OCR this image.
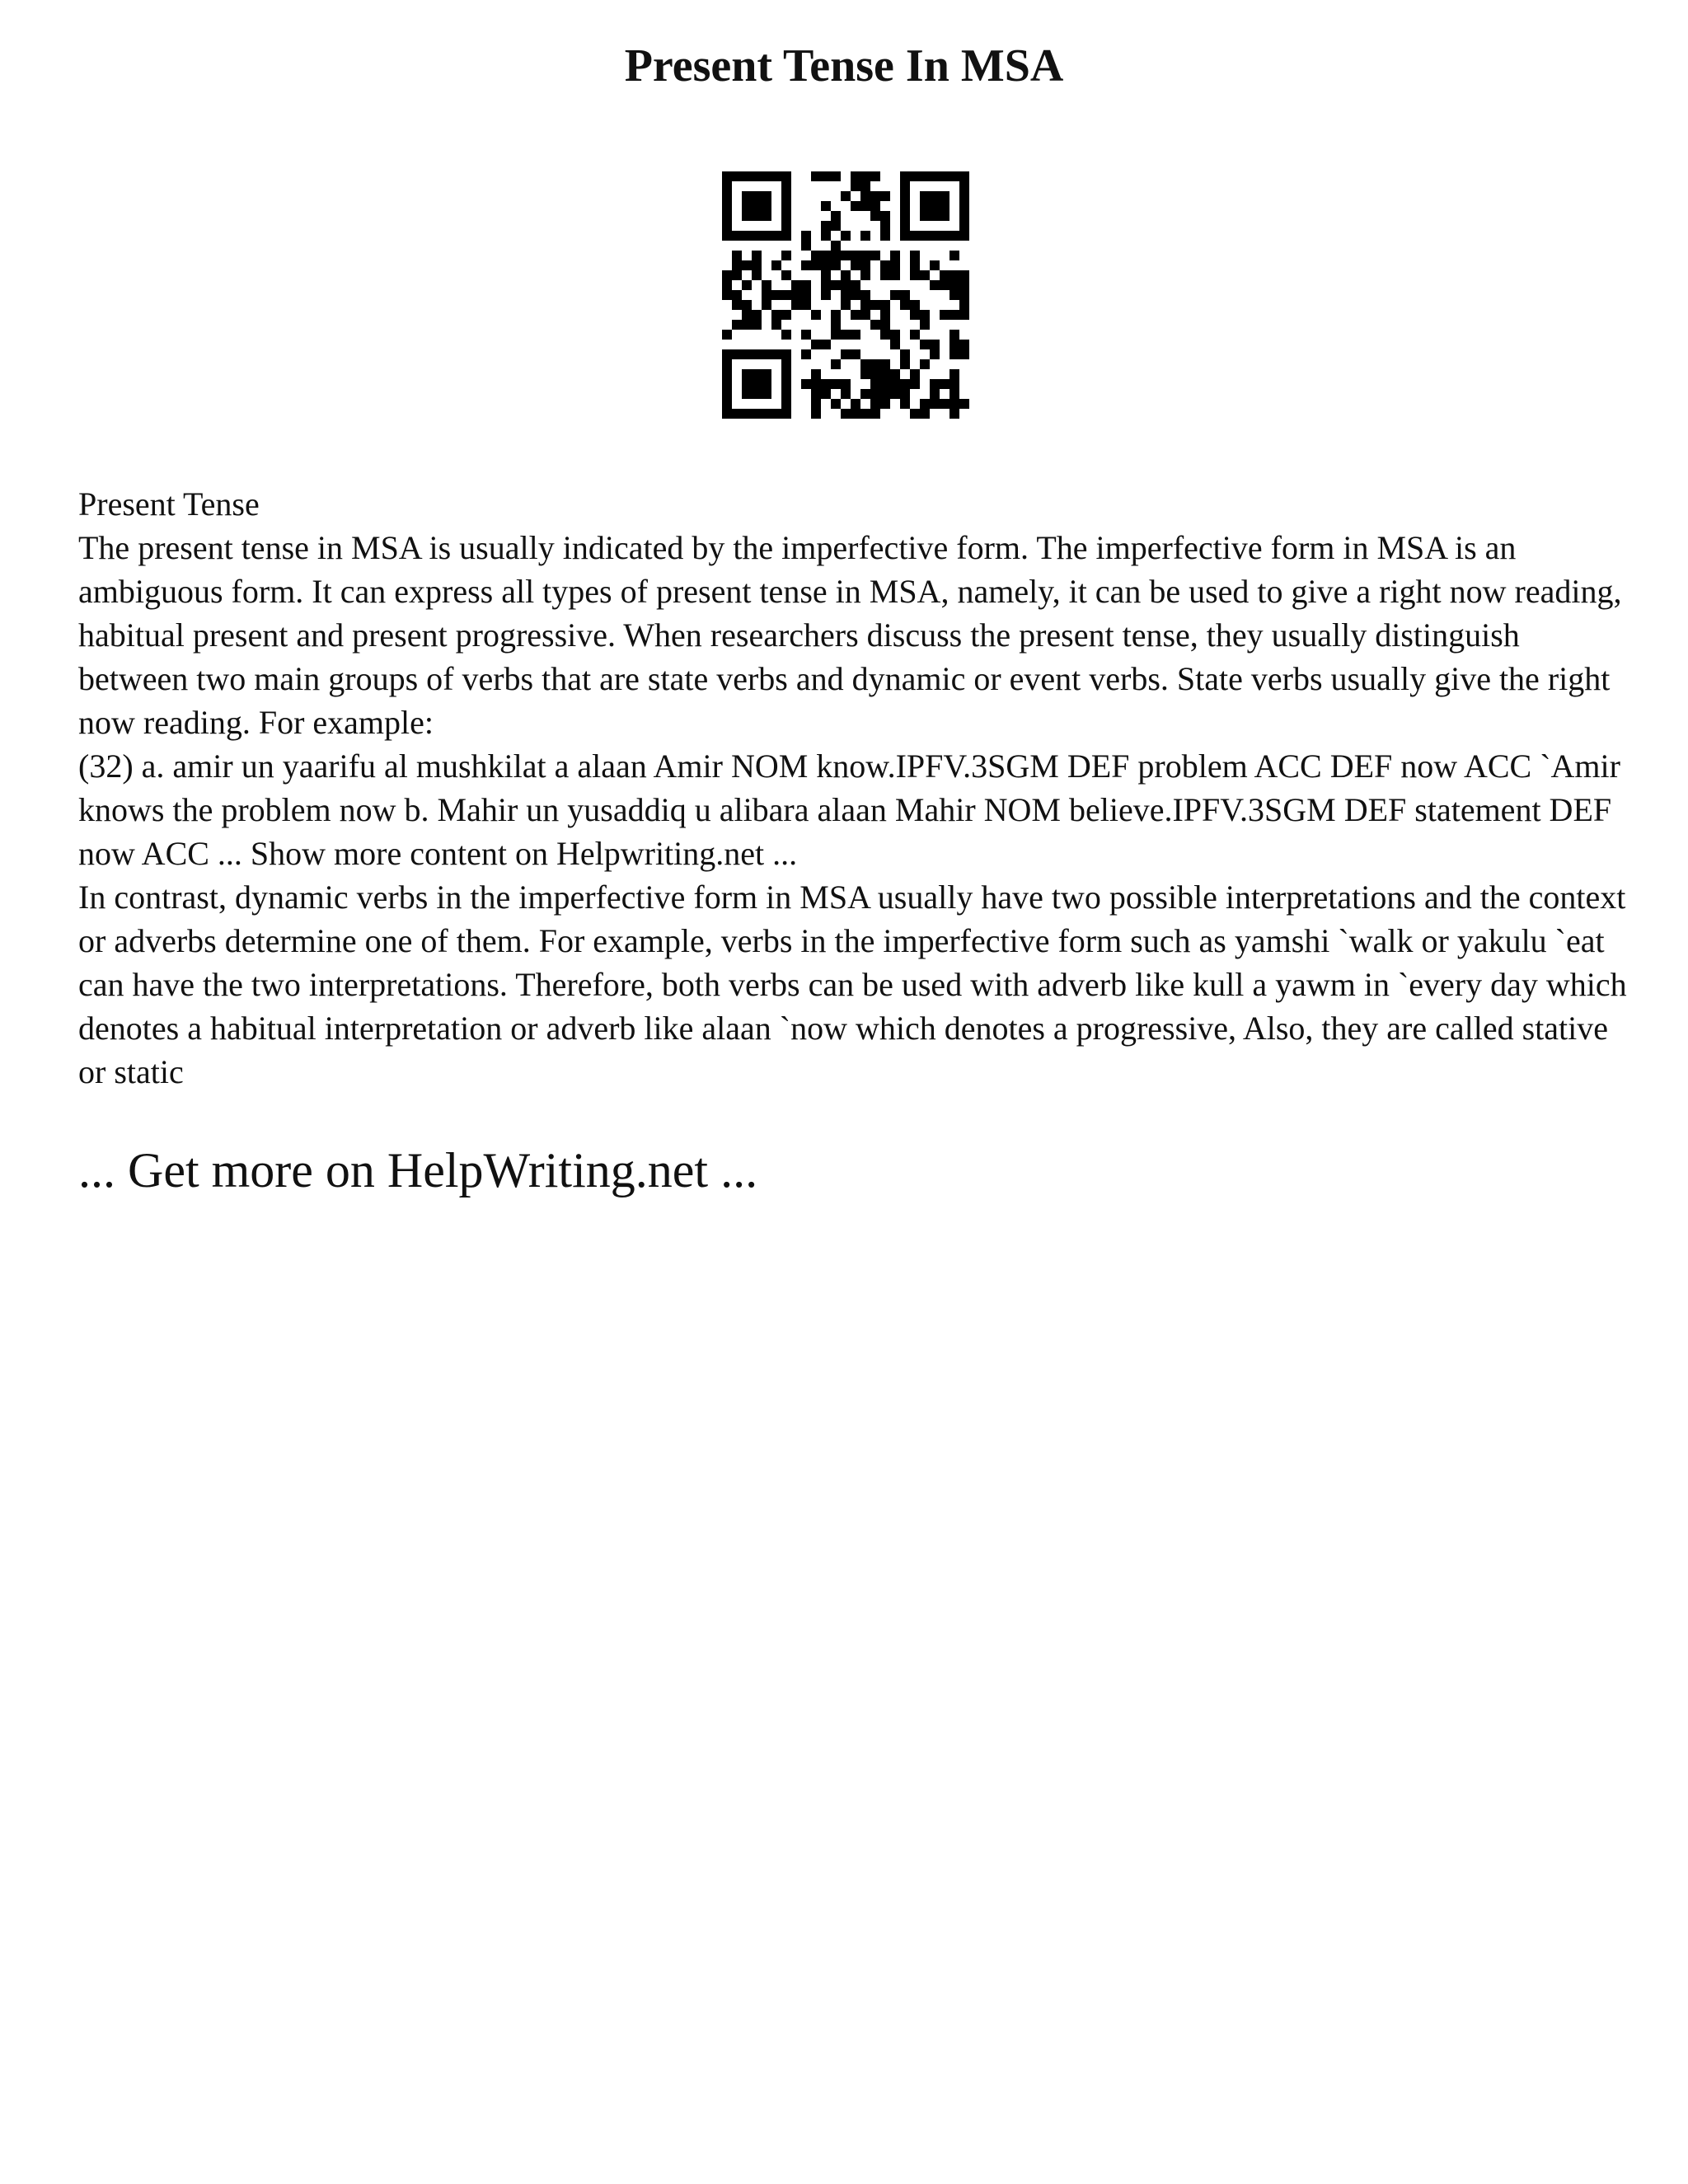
Present Tense In MSA

Present Tense

The present tense in MSA is usually indicated by the imperfective form. The imperfective form in MSA is an ambiguous form. It can express all types of present tense in MSA, namely, it can be used to give a right now reading, habitual present and present progressive. When researchers discuss the present tense, they usually distinguish between two main groups of verbs that are state verbs and dynamic or event verbs. State verbs usually give the right now reading. For example:

(32) a. amir un yaarifu al mushkilat a alaan Amir NOM know.IPFV.3SGM DEF problem ACC DEF now ACC `Amir knows the problem now b. Mahir un yusaddiq u alibara alaan Mahir NOM believe.IPFV.3SGM DEF statement DEF now ACC ... Show more content on Helpwriting.net ...

In contrast, dynamic verbs in the imperfective form in MSA usually have two possible interpretations and the context or adverbs determine one of them. For example, verbs in the imperfective form such as yamshi `walk or yakulu `eat can have the two interpretations. Therefore, both verbs can be used with adverb like kull a yawm in `every day which denotes a habitual interpretation or adverb like alaan `now which denotes a progressive, Also, they are called stative or static

... Get more on HelpWriting.net ...
